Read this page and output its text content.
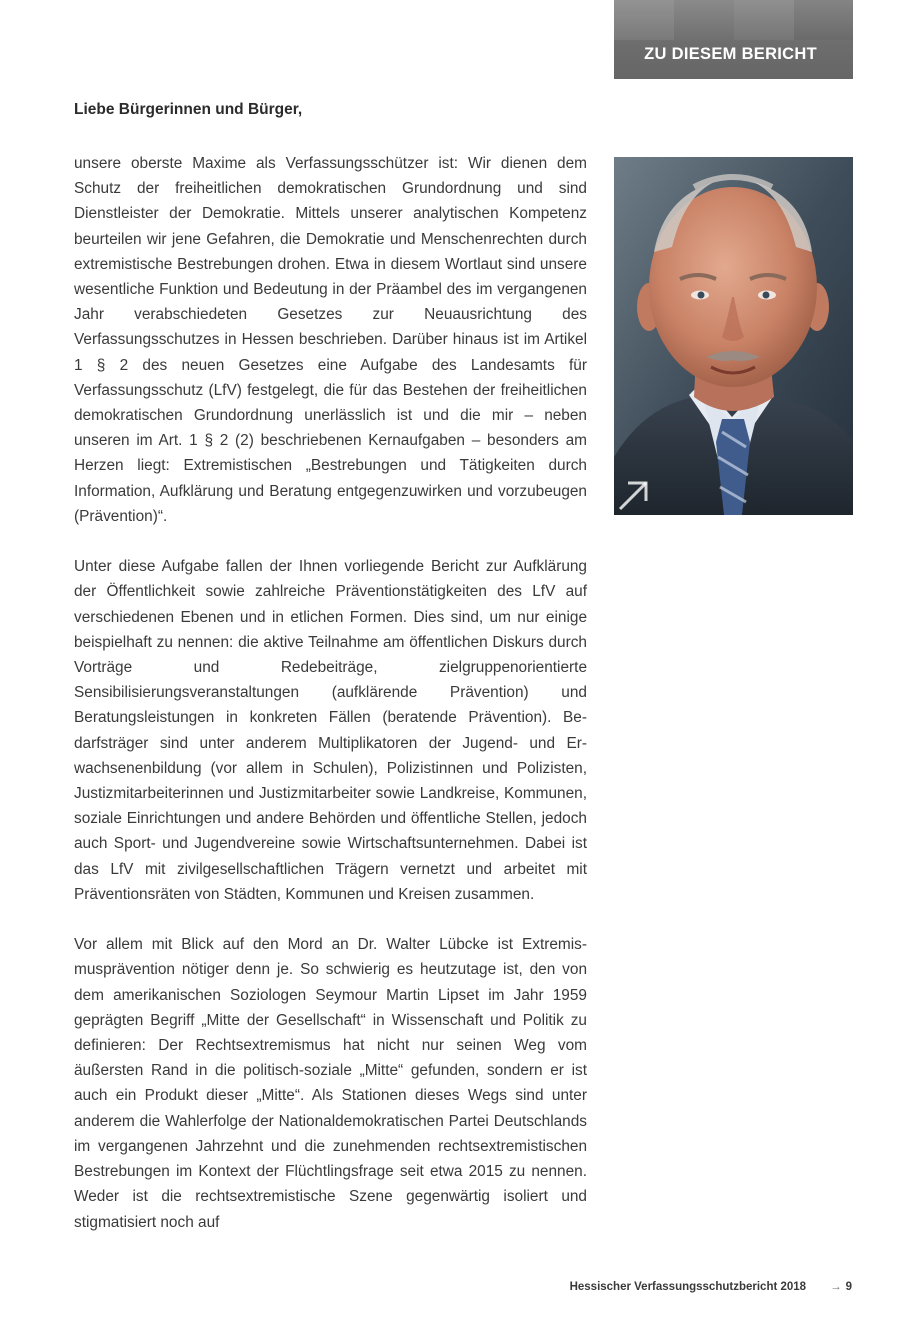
ZU DIESEM BERICHT
Liebe Bürgerinnen und Bürger,

unsere oberste Maxime als Verfassungsschützer ist: Wir dienen dem Schutz der freiheitlichen demokratischen Grundordnung und sind Dienstleister der Demokratie. Mittels unserer analytischen Kompetenz beurteilen wir jene Gefahren, die Demokratie und Menschenrechten durch extremistische Bestrebungen drohen. Etwa in diesem Wortlaut sind unsere wesentliche Funktion und Bedeutung in der Präambel des im vergangenen Jahr verabschiedeten Gesetzes zur Neuausrichtung des Verfassungsschutzes in Hessen beschrieben. Darüber hinaus ist im Artikel 1 § 2 des neuen Gesetzes eine Aufgabe des Landesamts für Verfassungsschutz (LfV) festgelegt, die für das Bestehen der freiheitlichen demokratischen Grundordnung unerlässlich ist und die mir – neben unseren im Art. 1 § 2 (2) beschriebenen Kernaufgaben – besonders am Herzen liegt: Extremistischen „Bestrebungen und Tätigkeiten durch Information, Aufklärung und Beratung entgegenzuwirken und vorzubeugen (Prävention)“.

Unter diese Aufgabe fallen der Ihnen vorliegende Bericht zur Aufklärung der Öffentlichkeit sowie zahlreiche Präventionstätigkeiten des LfV auf verschiedenen Ebenen und in etlichen Formen. Dies sind, um nur einige beispielhaft zu nennen: die aktive Teilnahme am öffentlichen Diskurs durch Vorträge und Redebeiträge, zielgruppenorientierte Sensibilisierungsveranstaltungen (aufklärende Prävention) und Beratungsleistungen in konkreten Fällen (beratende Prävention). Bedarfsträger sind unter anderem Multiplikatoren der Jugend- und Erwachsenenbildung (vor allem in Schulen), Polizistinnen und Polizisten, Justizmitarbeiterinnen und Justizmitarbeiter sowie Landkreise, Kommunen, soziale Einrichtungen und andere Behörden und öffentliche Stellen, jedoch auch Sport- und Jugendvereine sowie Wirtschaftsunternehmen. Dabei ist das LfV mit zivilgesellschaftlichen Trägern vernetzt und arbeitet mit Präventionsräten von Städten, Kommunen und Kreisen zusammen.

Vor allem mit Blick auf den Mord an Dr. Walter Lübcke ist Extremismusprävention nötiger denn je. So schwierig es heutzutage ist, den von dem amerikanischen Soziologen Seymour Martin Lipset im Jahr 1959 geprägten Begriff „Mitte der Gesellschaft“ in Wissenschaft und Politik zu definieren: Der Rechtsextremismus hat nicht nur seinen Weg vom äußersten Rand in die politisch-soziale „Mitte“ gefunden, sondern er ist auch ein Produkt dieser „Mitte“. Als Stationen dieses Wegs sind unter anderem die Wahlerfolge der Nationaldemokratischen Partei Deutschlands im vergangenen Jahrzehnt und die zunehmenden rechtsextremistischen Bestrebungen im Kontext der Flüchtlingsfrage seit etwa 2015 zu nennen. Weder ist die rechtsextremistische Szene gegenwärtig isoliert und stigmatisiert noch auf

Hessischer Verfassungsschutzbericht 2018 → 9
